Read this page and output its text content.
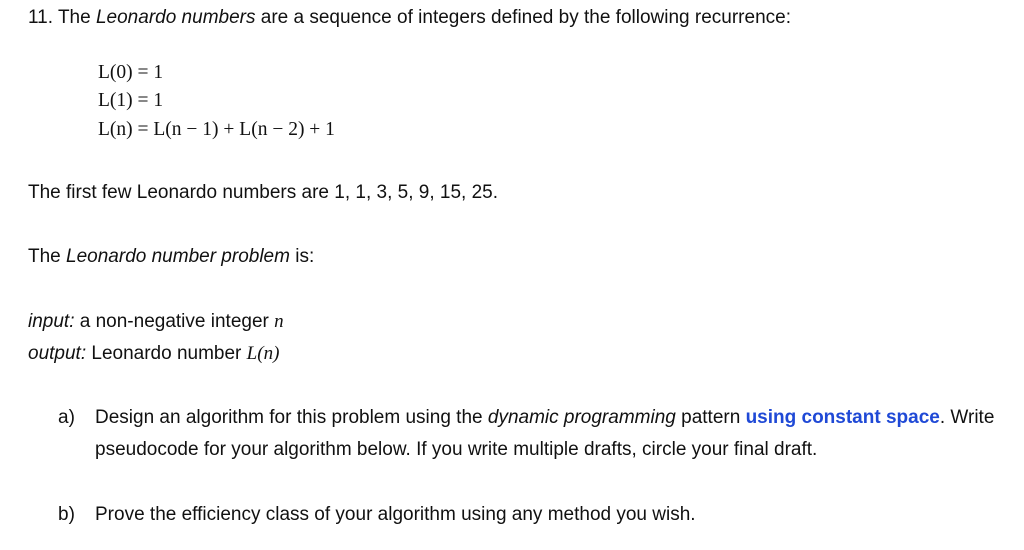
11. The Leonardo numbers are a sequence of integers defined by the following recurrence:
L(0) = 1
L(1) = 1
L(n) = L(n − 1) + L(n − 2) + 1
The first few Leonardo numbers are 1, 1, 3, 5, 9, 15, 25.
The Leonardo number problem is:
input: a non-negative integer n
output: Leonardo number L(n)
a) Design an algorithm for this problem using the dynamic programming pattern using constant space. Write pseudocode for your algorithm below. If you write multiple drafts, circle your final draft.
b) Prove the efficiency class of your algorithm using any method you wish.
